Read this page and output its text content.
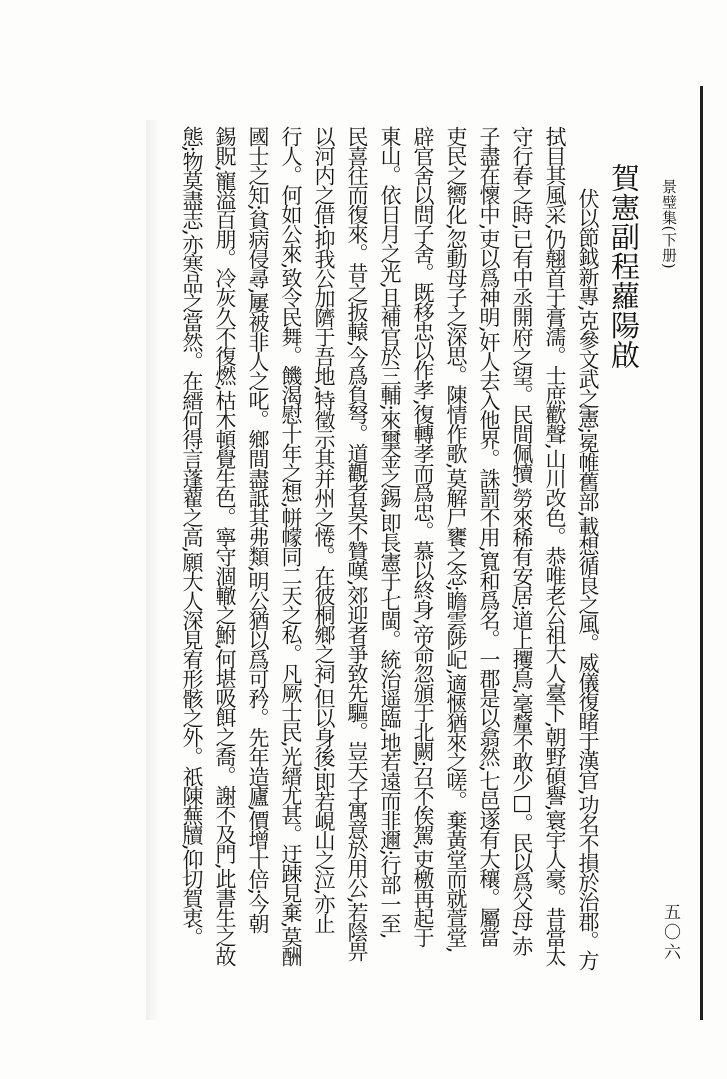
景璧集(下册)
五〇六
賀憲副程蘿陽啟
伏以節鉞新專,克參文武之憲;冕帷舊部,載想循良之風。威儀復睹于漢官,功名不損於治郡。方
拭目其風采,仍翹首于膏濡。士庶歡聲,山川改色。恭唯老公祖大人臺下,朝野碩譽,寰宇人豪。昔當太
守行春之時,已有中丞開府之望。民間佩犢,勞來稀有安居;道上攫鳥,毫釐不敢少□。民以爲父母,赤
子盡在懷中,吏以爲神明,奸人去入他界。誅罰不用,寬和爲名。一郡是以翕然,七邑遂有大穰。屬當
吏民之嚮化,忽動母子之深思。陳情作歌,莫解尸饔之念;瞻雲陟屺,適愜猶來之嗟。棄黃堂而就萱堂,
辟官舍以問子舍。既移忠以作孝,復轉孝而爲忠。慕以終身,帝命忽頒于北闕;召不俟駕,吏檄再起于
東山。依日月之光,且補官於三輔;來璽金之錫,即長憲于七閩。統治遥臨,地若遠而非邇;行部一至,
民喜往而復來。昔之扳轅,今爲負弩。道觀者莫不贊嘆,郊迎者爭致先驅。豈天子寓意於用公,若陰畀
以河内之借;抑我公加隮于吾地,特徵示其并州之惓。在彼桐鄉之祠,但以身後;即若峴山之泣,亦止
行人。何如公來,致令民舞。饑渴慰十年之想,帡幪同二天之私。凡厥士民,光縉尤甚。迂踈見棄,莫酬
國士之知;貧病侵尋,屢被非人之叱。鄉間盡詆其弗類,明公猶以爲可矜。先年造廬,價增十倍;今朝
錫貺,寵溢百朋。冷灰久不復燃,枯木頓覺生色。寧守涸轍之鮒,何堪吸餌之喬。謝不及門,此書生之故
態;物莫盡志,亦寒品之當然。在縉何得言蓬藋之高,願大人深見宥形骸之外。祇陳蕪牘,仰切賀衷。
